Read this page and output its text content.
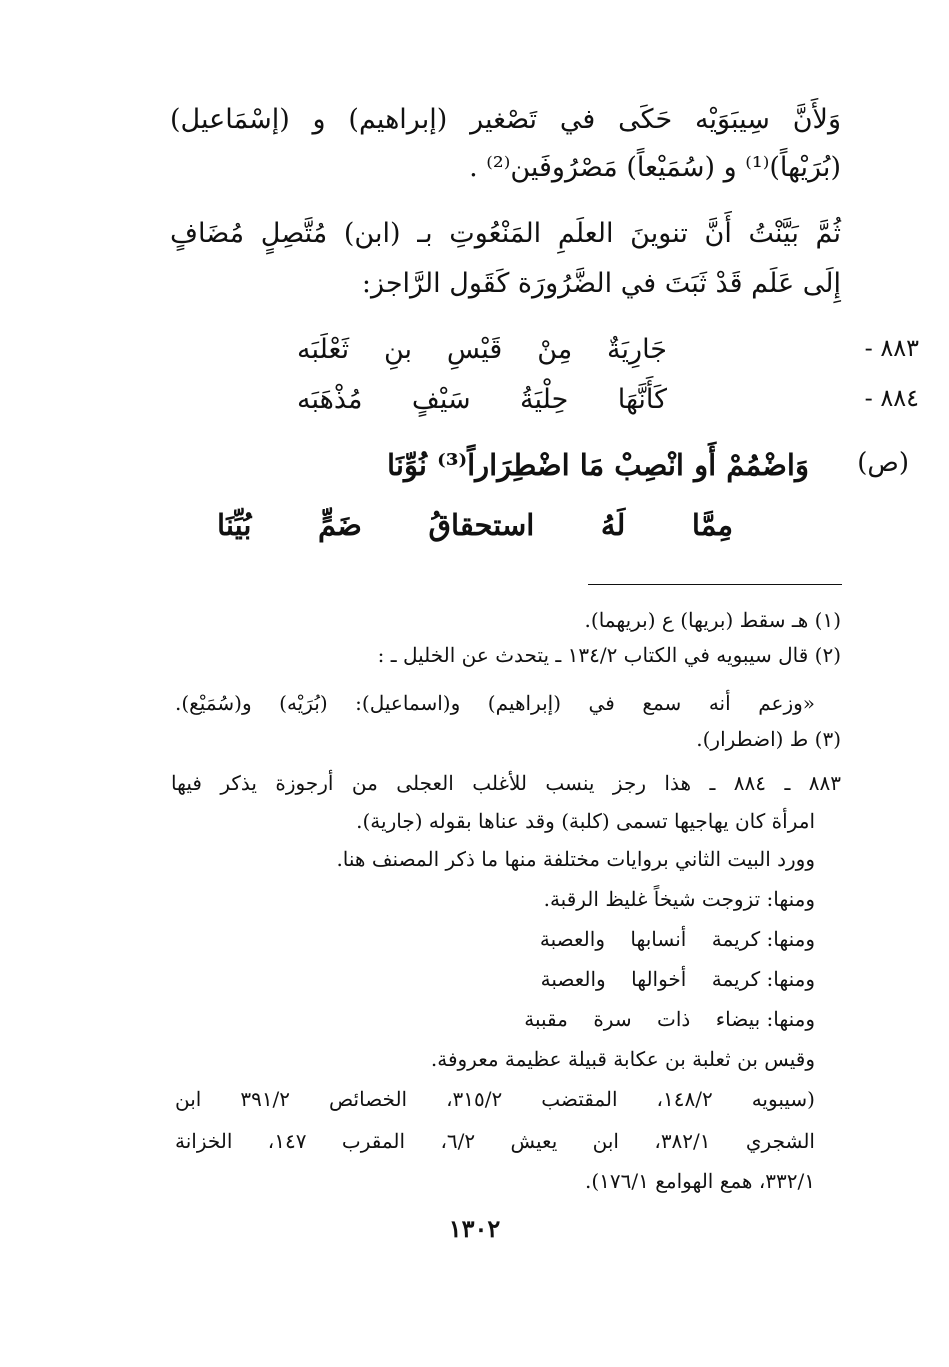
وَلأَنَّ سِيبَوَيْه حَكَى في تَصْغير (إبراهيم) و (إسْمَاعيل)
(بُرَيْهاً)⁽¹⁾ و (سُمَيْعاً) مَصْرُوفَين⁽²⁾ .
ثُمَّ بَيَّنْتُ أَنَّ تنوينَ العلَمِ المَنْعُوتِ بـ (ابن) مُتَّصِلٍ مُضَافٍ
إِلَى عَلَم قَدْ ثَبَتَ في الضَّرُورَة كَقَول الرَّاجز:
٨٨٣ -
جَارِيَةٌ مِنْ قَيْسِ بنِ ثَعْلَبَه
٨٨٤ -
كَأَنَّهَا حِلْيَةُ سَيْفٍ مُذْهَبَه
(ص)
وَاضْمُمْ أَو انْصِبْ مَا اضْطِرَاراً⁽³⁾ نُوِّنَا
مِمَّا لَهُ استحقاقُ ضَمٍّ بُيِّنَا
(١) هـ سقط (بريها) ع (بريهما).
(٢) قال سيبويه في الكتاب ١٣٤/٢ ـ يتحدث عن الخليل ـ :
«وزعم أنه سمع في (إبراهيم) و(اسماعيل): (بُرَيْه) و(سُمَيْع).
(٣) ط (اضطرار).
٨٨٣ ـ ٨٨٤ ـ هذا رجز ينسب للأغلب العجلى من أرجوزة يذكر فيها
امرأة كان يهاجيها تسمى (كلبة) وقد عناها بقوله (جارية).
وورد البيت الثاني بروايات مختلفة منها ما ذكر المصنف هنا.
ومنها: تزوجت شيخاً غليظ الرقبة.
ومنها: كريمة    أنسابها    والعصبة
ومنها: كريمة    أخوالها    والعصبة
ومنها: بيضاء    ذات    سرة    مقببة
وقيس بن ثعلبة بن عكابة قبيلة عظيمة معروفة.
(سيبويه ١٤٨/٢، المقتضب ٣١٥/٢، الخصائص ٣٩١/٢ ابن
الشجري ٣٨٢/١، ابن يعيش ٦/٢، المقرب ١٤٧، الخزانة
٣٣٢/١، همع الهوامع ١٧٦/١).
١٣٠٢
